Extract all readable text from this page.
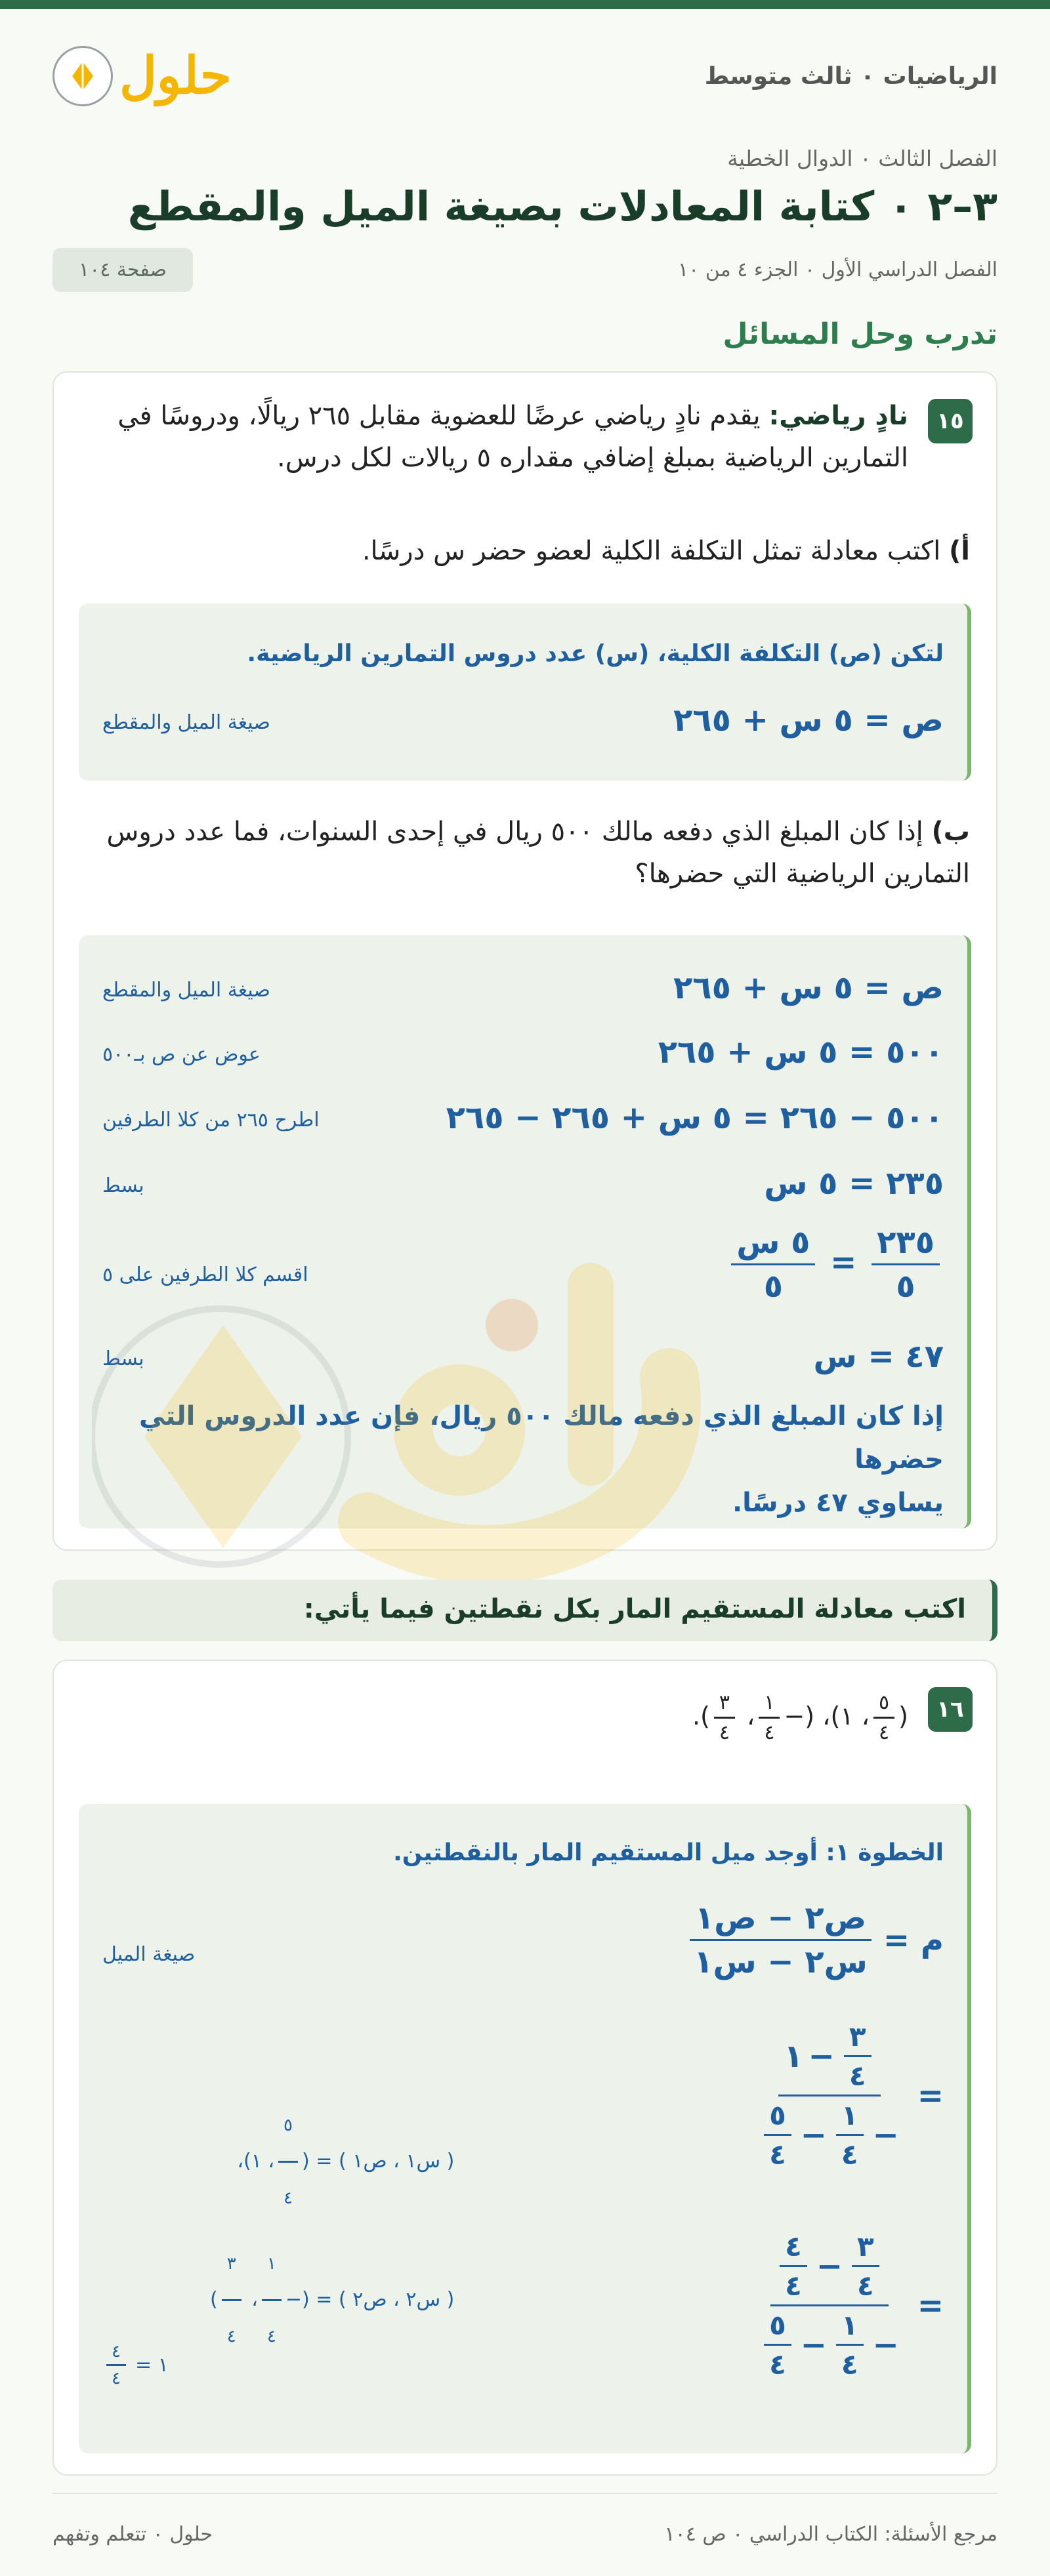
الرياضيات ٠ ثالث متوسط
حلول
الفصل الثالث ٠ الدوال الخطية
٣–٢ ٠ كتابة المعادلات بصيغة الميل والمقطع
الفصل الدراسي الأول ٠ الجزء ٤ من ١٠
صفحة ١٠٤
تدرب وحل المسائل
١٥
نادٍ رياضي: يقدم نادٍ رياضي عرضًا للعضوية مقابل ٢٦٥ ريالًا، ودروسًا في
التمارين الرياضية بمبلغ إضافي مقداره ٥ ريالات لكل درس.
أ) اكتب معادلة تمثل التكلفة الكلية لعضو حضر س درسًا.
لتكن (ص) التكلفة الكلية، (س) عدد دروس التمارين الرياضية.
ص = ٥ س + ٢٦٥
صيغة الميل والمقطع
ب) إذا كان المبلغ الذي دفعه مالك ٥٠٠ ريال في إحدى السنوات، فما عدد دروس
التمارين الرياضية التي حضرها؟
ص = ٥ س + ٢٦٥
صيغة الميل والمقطع
٥٠٠ = ٥ س + ٢٦٥
عوض عن ص بـ٥٠٠
٥٠٠ − ٢٦٥ = ٥ س + ٢٦٥ − ٢٦٥
اطرح ٢٦٥ من كلا الطرفين
٢٣٥ = ٥ س
بسط
$\frac{٢٣٥}{٥}$
=
$\frac{\text{٥ س}}{٥}$
اقسم كلا الطرفين على ٥
٤٧ = س
بسط
إذا كان المبلغ الذي دفعه مالك ٥٠٠ ريال، فإن عدد الدروس التي حضرها
يساوي ٤٧ درسًا.
اكتب معادلة المستقيم المار بكل نقطتين فيما يأتي:
١٦
(
$\frac{٥}{٤}$
، ١)، (−
$\frac{١}{٤}$
،
$\frac{٣}{٤}$
).
الخطوة ١: أوجد ميل المستقيم المار بالنقطتين.
م =
$\frac{\text{ص٢ − ص١}}{\text{س٢ − س١}}$
صيغة الميل
=
$\frac{٣}{٤}$
−
١
−
$\frac{١}{٤}$
−
$\frac{٥}{٤}$
( س١ ، ص١ ) = (
$\frac{٥}{٤}$
، ١)،
( س٢ ، ص٢ ) = (−
$\frac{١}{٤}$
،
$\frac{٣}{٤}$
)	=
$\frac{٣}{٤}$
−
$\frac{٤}{٤}$
−
$\frac{١}{٤}$
−
$\frac{٥}{٤}$
١ =
$\frac{٤}{٤}$
مرجع الأسئلة: الكتاب الدراسي ٠ ص ١٠٤
حلول ٠ تتعلم وتفهم
